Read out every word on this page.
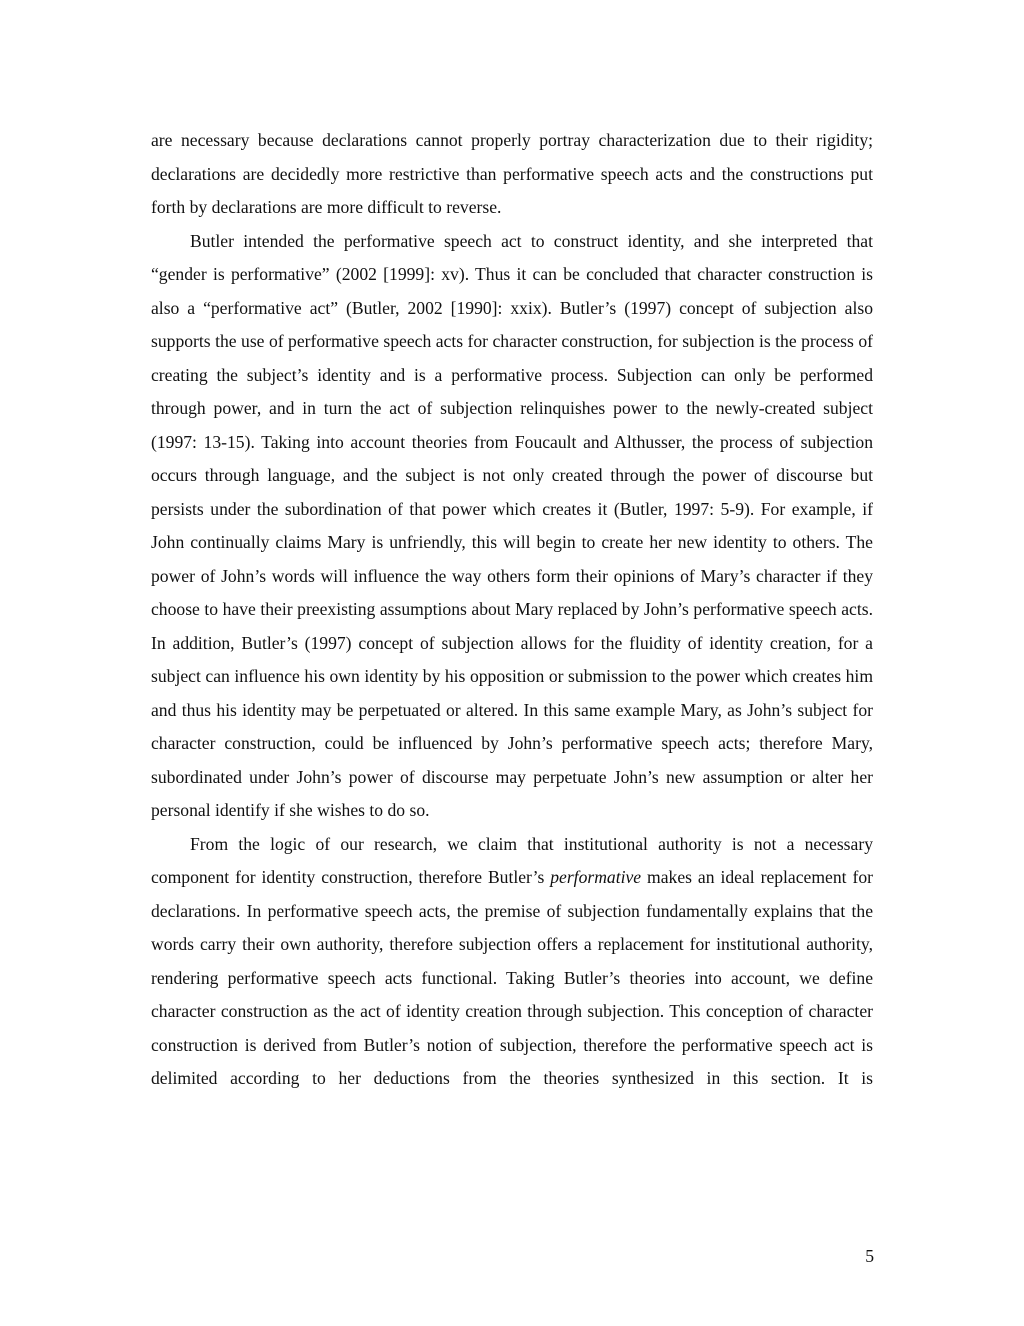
are necessary because declarations cannot properly portray characterization due to their rigidity; declarations are decidedly more restrictive than performative speech acts and the constructions put forth by declarations are more difficult to reverse.

Butler intended the performative speech act to construct identity, and she interpreted that “gender is performative” (2002 [1999]: xv). Thus it can be concluded that character construction is also a “performative act” (Butler, 2002 [1990]: xxix). Butler’s (1997) concept of subjection also supports the use of performative speech acts for character construction, for subjection is the process of creating the subject’s identity and is a performative process. Subjection can only be performed through power, and in turn the act of subjection relinquishes power to the newly-created subject (1997: 13-15). Taking into account theories from Foucault and Althusser, the process of subjection occurs through language, and the subject is not only created through the power of discourse but persists under the subordination of that power which creates it (Butler, 1997: 5-9). For example, if John continually claims Mary is unfriendly, this will begin to create her new identity to others. The power of John’s words will influence the way others form their opinions of Mary’s character if they choose to have their preexisting assumptions about Mary replaced by John’s performative speech acts. In addition, Butler’s (1997) concept of subjection allows for the fluidity of identity creation, for a subject can influence his own identity by his opposition or submission to the power which creates him and thus his identity may be perpetuated or altered. In this same example Mary, as John’s subject for character construction, could be influenced by John’s performative speech acts; therefore Mary, subordinated under John’s power of discourse may perpetuate John’s new assumption or alter her personal identify if she wishes to do so.

From the logic of our research, we claim that institutional authority is not a necessary component for identity construction, therefore Butler’s performative makes an ideal replacement for declarations. In performative speech acts, the premise of subjection fundamentally explains that the words carry their own authority, therefore subjection offers a replacement for institutional authority, rendering performative speech acts functional. Taking Butler’s theories into account, we define character construction as the act of identity creation through subjection. This conception of character construction is derived from Butler’s notion of subjection, therefore the performative speech act is delimited according to her deductions from the theories synthesized in this section. It is

5
